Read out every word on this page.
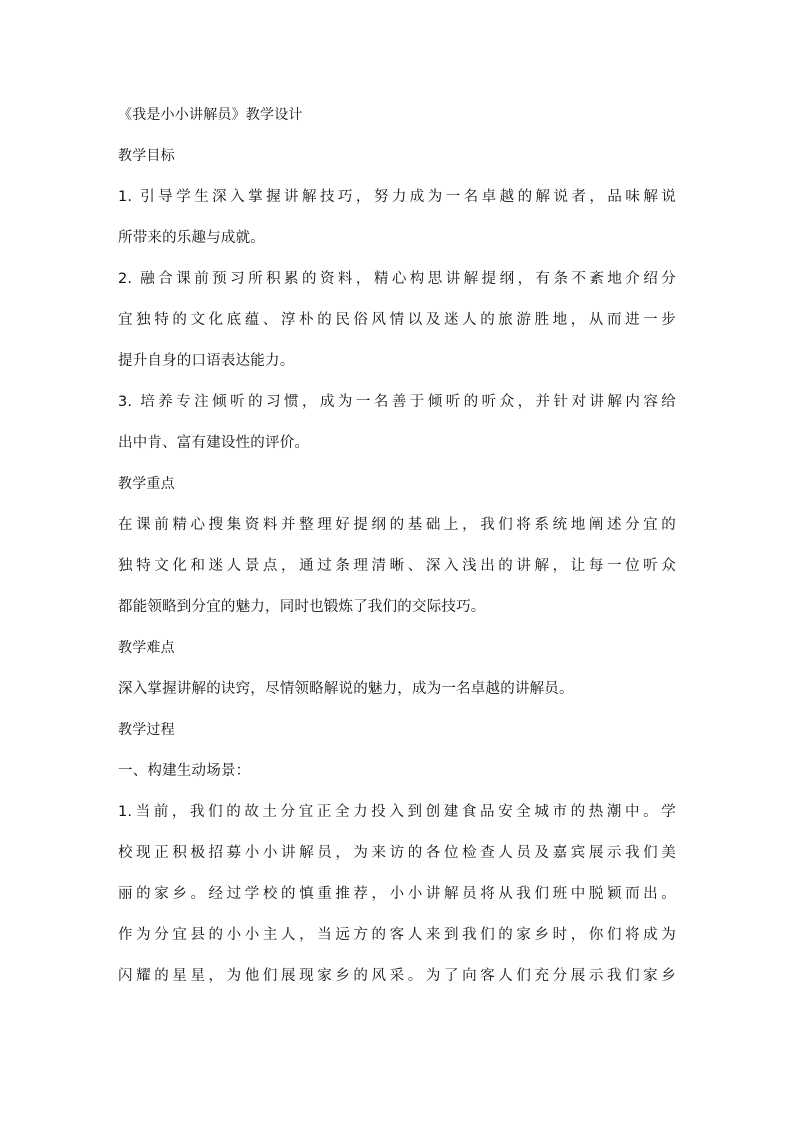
《我是小小讲解员》教学设计
教学目标
1. 引导学生深入掌握讲解技巧，努力成为一名卓越的解说者，品味解说
所带来的乐趣与成就。
2. 融合课前预习所积累的资料，精心构思讲解提纲，有条不紊地介绍分
宜独特的文化底蕴、淳朴的民俗风情以及迷人的旅游胜地，从而进一步
提升自身的口语表达能力。
3. 培养专注倾听的习惯，成为一名善于倾听的听众，并针对讲解内容给
出中肯、富有建设性的评价。
教学重点
在课前精心搜集资料并整理好提纲的基础上，我们将系统地阐述分宜的
独特文化和迷人景点，通过条理清晰、深入浅出的讲解，让每一位听众
都能领略到分宜的魅力，同时也锻炼了我们的交际技巧。
教学难点
深入掌握讲解的诀窍，尽情领略解说的魅力，成为一名卓越的讲解员。
教学过程
一、构建生动场景：
1.当前，我们的故土分宜正全力投入到创建食品安全城市的热潮中。学
校现正积极招募小小讲解员，为来访的各位检查人员及嘉宾展示我们美
丽的家乡。经过学校的慎重推荐，小小讲解员将从我们班中脱颖而出。
作为分宜县的小小主人，当远方的客人来到我们的家乡时，你们将成为
闪耀的星星，为他们展现家乡的风采。为了向客人们充分展示我们家乡
